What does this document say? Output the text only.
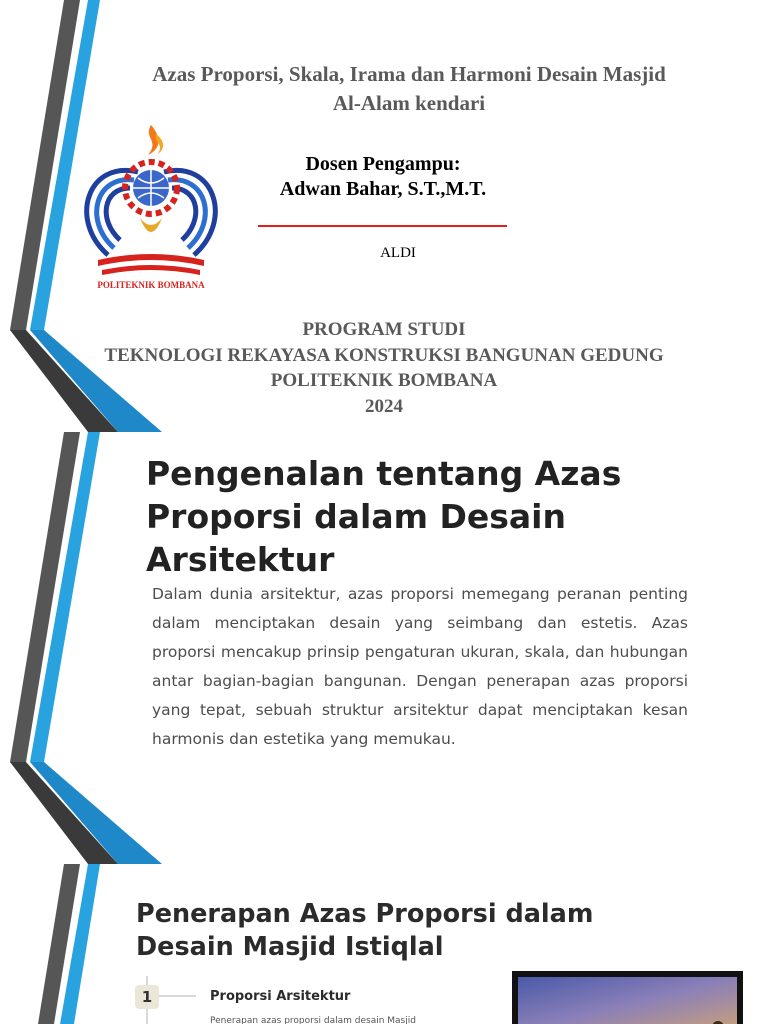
Azas Proporsi, Skala, Irama dan Harmoni Desain Masjid Al-Alam kendari
POLITEKNIK BOMBANA
Dosen Pengampu:
Adwan Bahar, S.T.,M.T.
ALDI
PROGRAM STUDI
TEKNOLOGI REKAYASA KONSTRUKSI BANGUNAN GEDUNG
POLITEKNIK BOMBANA
2024
Pengenalan tentang Azas Proporsi dalam Desain Arsitektur
Dalam dunia arsitektur, azas proporsi memegang peranan penting dalam menciptakan desain yang seimbang dan estetis. Azas proporsi mencakup prinsip pengaturan ukuran, skala, dan hubungan antar bagian-bagian bangunan. Dengan penerapan azas proporsi yang tepat, sebuah struktur arsitektur dapat menciptakan kesan harmonis dan estetika yang memukau.
Penerapan Azas Proporsi dalam Desain Masjid Istiqlal
1	Proporsi Arsitektur
Penerapan azas proporsi dalam desain Masjid
